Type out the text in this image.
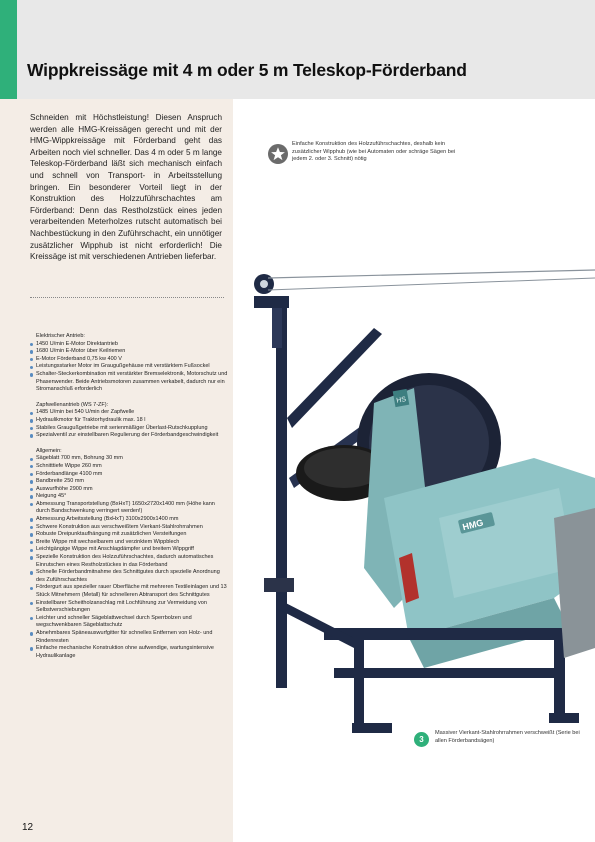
Wippkreissäge mit 4 m oder 5 m Teleskop-Förderband

Schneiden mit Höchstleistung! Diesen Anspruch werden alle HMG-Kreissägen gerecht und mit der HMG-Wippkreissäge mit Förderband geht das Arbeiten noch viel schneller. Das 4 m oder 5 m lange Teleskop-Förderband läßt sich mechanisch einfach und schnell von Transport- in Arbeitsstellung bringen. Ein besonderer Vorteil liegt in der Konstruktion des Holzzuführschachtes am Förderband: Denn das Restholzstück eines jeden verarbeitenden Meterholzes rutscht automatisch bei Nachbestückung in den Zuführschacht, ein unnötiger zusätzlicher Wipphub ist nicht erforderlich! Die Kreissäge ist mit verschiedenen Antrieben lieferbar.

Elektrischer Antrieb:
1450 U/min E-Motor Direktantrieb
1680 U/min E-Motor über Keilriemen
E-Motor Förderband 0,75 kw 400 V
Leistungsstarker Motor im Graugußgehäuse mit verstärktem Fußsockel
Schalter-Steckerkombination mit verstärkter Bremselektronik, Motorschutz und Phasenwender. Beide Antriebsmotoren zusammen verkabelt, dadurch nur ein Stromanschluß erforderlich
Zapfwellenantrieb (WS 7-ZF):
1485 U/min bei 540 U/min der Zapfwelle
Hydraulikmotor für Traktorhydraulik max. 18 l
Stabiles Graugußgetriebe mit serienmäßiger Überlast-Rutschkupplung
Spezialventil zur einstellbaren Regulierung der Förderbandgeschwindigkeit
Allgemein:
Sägeblatt 700 mm, Bohrung 30 mm
Schnitttiefe Wippe 260 mm
Förderbandlänge 4100 mm
Bandbreite 250 mm
Auswurfhöhe 2900 mm
Neigung 45°
Abmessung Transportstellung (BxHxT) 1650x2720x1400 mm (Höhe kann durch Bandschwenkung verringert werden!)
Abmessung Arbeitsstellung (BxHxT) 3100x2900x1400 mm
Schwere Konstruktion aus verschweißtem Vierkant-Stahlrohrrahmen
Robuste Dreipunktaufhängung mit zusätzlichen Versteifungen
Breite Wippe mit wechselbarem und verzinktem Wippblech
Leichtgängige Wippe mit Anschlagdämpfer und breitem Wippgriff
Spezielle Konstruktion des Holzzuführschachtes, dadurch automatisches Einrutschen eines Restholzstückes in das Förderband
Schnelle Förderbandmitnahme des Schnittgutes durch spezielle Anordnung des Zuführschachtes
Fördergurt aus spezieller rauer Oberfläche mit mehreren Textileinlagen und 13 Stück Mitnehmern (Metall) für schnelleren Abtransport des Schnittgutes
Einstellbarer Scheitholzanschlag mit Lochführung zur Vermeidung von Selbstverschiebungen
Leichter und schneller Sägeblattwechsel durch Sperrbolzen und wegschwenkbaren Sägeblattschutz
Abnehmbares Späneauswurfgitter für schnelles Entfernen von Holz- und Rindenresten
Einfache mechanische Konstruktion ohne aufwendige, wartungsintensive Hydraulikanlage
12
Einfache Konstruktion des Holzzuführschachtes, deshalb kein zusätzlicher Wipphub (wie bei Automaten oder schräge Sägen bei jedem 2. oder 3. Schnitt) nötig
HS
HMG
3
Massiver Vierkant-Stahlrohrrahmen verschweißt (Serie bei allen Förderbandsägen)
